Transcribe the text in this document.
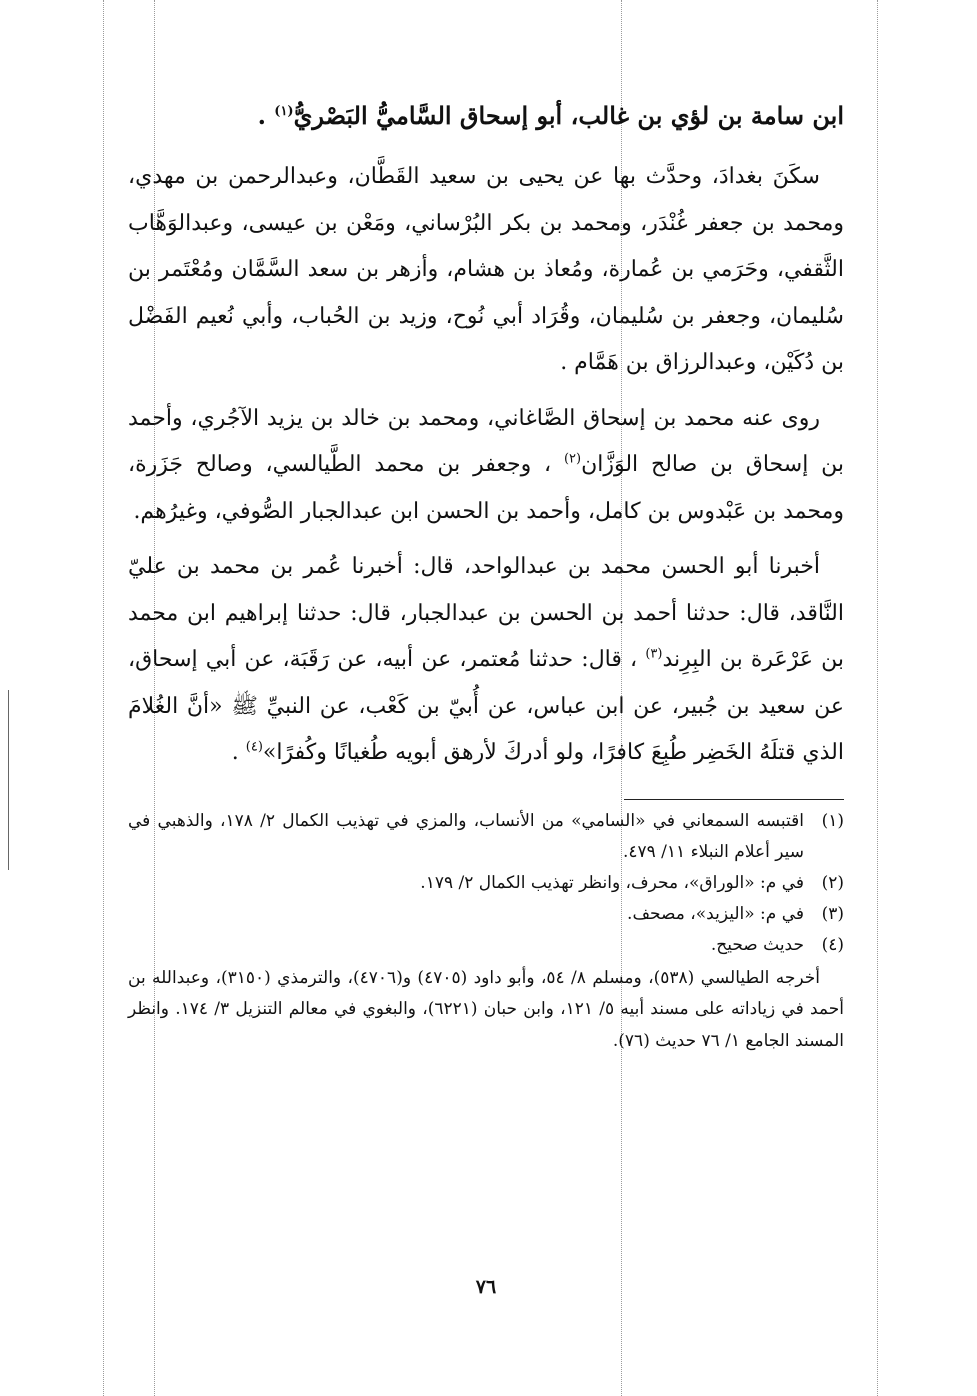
ابن سامة بن لؤي بن غالب، أبو إسحاق السَّاميُّ البَصْريُّ$^{(١)}$ .

سكَنَ بغدادَ، وحدَّث بها عن يحيى بن سعيد القَطَّان، وعبدالرحمن بن مهدي، ومحمد بن جعفر غُنْدَر، ومحمد بن بكر البُرْساني، ومَعْن بن عيسى، وعبدالوَهَّاب الثَّقفي، وحَرَمي بن عُمارة، ومُعاذ بن هشام، وأزهر بن سعد السَّمَّان ومُعْتَمر بن سُليمان، وجعفر بن سُليمان، وقُرَاد أبي نُوح، وزيد بن الحُباب، وأبي نُعيم الفَضْل بن دُكَيْن، وعبدالرزاق بن هَمَّام .

روى عنه محمد بن إسحاق الصَّاغاني، ومحمد بن خالد بن يزيد الآجُري، وأحمد بن إسحاق بن صالح الوَزَّان$^{(٢)}$ ، وجعفر بن محمد الطَّيالسي، وصالح جَزَرة، ومحمد بن عَبْدوس بن كامل، وأحمد بن الحسن ابن عبدالجبار الصُّوفي، وغيرُهم.

أخبرنا أبو الحسن محمد بن عبدالواحد، قال: أخبرنا عُمر بن محمد بن عليّ النَّاقد، قال: حدثنا أحمد بن الحسن بن عبدالجبار، قال: حدثنا إبراهيم ابن محمد بن عَرْعَرة بن البِرِند$^{(٣)}$ ، قال: حدثنا مُعتمر، عن أبيه، عن رَقَبَة، عن أبي إسحاق، عن سعيد بن جُبير، عن ابن عباس، عن أُبيّ بن كَعْب، عن النبيِّ ﷺ «أنَّ الغُلامَ الذي قتلَهُ الخَضِر طُبِعَ كافرًا، ولو أدركَ لأرهق أبويه طُغيانًا وكُفرًا»$^{(٤)}$ .

(١)
اقتبسه السمعاني في «السامي» من الأنساب، والمزي في تهذيب الكمال ٢/ ١٧٨، والذهبي في سير أعلام النبلاء ١١/ ٤٧٩.
(٢)
في م: «الوراق»، محرف، وانظر تهذيب الكمال ٢/ ١٧٩.
(٣)
في م: «اليزيد»، مصحف.
(٤)
حديث صحيح.

أخرجه الطيالسي (٥٣٨)، ومسلم ٨/ ٥٤، وأبو داود (٤٧٠٥) و(٤٧٠٦)، والترمذي (٣١٥٠)، وعبدالله بن أحمد في زياداته على مسند أبيه ٥/ ١٢١، وابن حبان (٦٢٢١)، والبغوي في معالم التنزيل ٣/ ١٧٤. وانظر المسند الجامع ١/ ٧٦ حديث (٧٦).

٧٦
